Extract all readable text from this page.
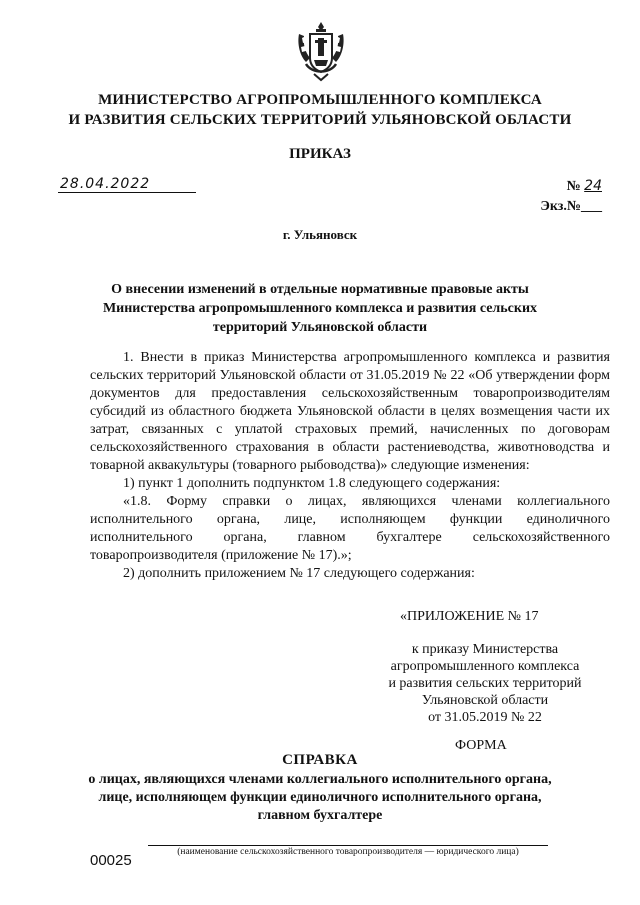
МИНИСТЕРСТВО АГРОПРОМЫШЛЕННОГО КОМПЛЕКСА
И РАЗВИТИЯ СЕЛЬСКИХ ТЕРРИТОРИЙ УЛЬЯНОВСКОЙ ОБЛАСТИ
ПРИКАЗ
28.04.2022	№ 24
Экз.№___
г. Ульяновск
О внесении изменений в отдельные нормативные правовые акты
Министерства агропромышленного комплекса и развития сельских
территорий Ульяновской области

1. Внести в приказ Министерства агропромышленного комплекса и развития сельских территорий Ульяновской области от 31.05.2019 № 22 «Об утверждении форм документов для предоставления сельскохозяйственным товаропроизводителям субсидий из областного бюджета Ульяновской области в целях возмещения части их затрат, связанных с уплатой страховых премий, начисленных по договорам сельскохозяйственного страхования в области растениеводства, животноводства и товарной аквакультуры (товарного рыбоводства)» следующие изменения:

1) пункт 1 дополнить подпунктом 1.8 следующего содержания:

«1.8. Форму справки о лицах, являющихся членами коллегиального исполнительного органа, лице, исполняющем функции единоличного исполнительного органа, главном бухгалтере сельскохозяйственного товаропроизводителя (приложение № 17).»;

2) дополнить приложением № 17 следующего содержания:

«ПРИЛОЖЕНИЕ № 17
к приказу Министерства
агропромышленного комплекса
и развития сельских территорий
Ульяновской области
от 31.05.2019 № 22
ФОРМА
СПРАВКА
о лицах, являющихся членами коллегиального исполнительного органа,
лице, исполняющем функции единоличного исполнительного органа,
главном бухгалтере
(наименование сельскохозяйственного товаропроизводителя — юридического лица)
00025
